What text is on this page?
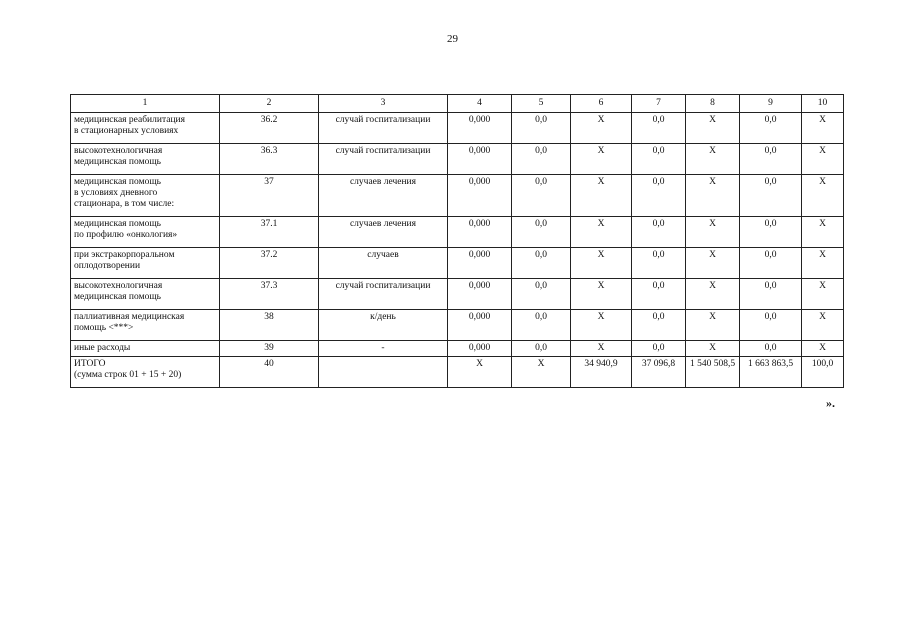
29
1	2	3	4	5	6	7	8	9	10
медицинская реабилитация
в стационарных условиях	36.2	случай госпитализации	0,000	0,0	X	0,0	X	0,0	X
высокотехнологичная
медицинская помощь	36.3	случай госпитализации	0,000	0,0	X	0,0	X	0,0	X
медицинская помощь
в условиях дневного
стационара, в том числе:	37	случаев лечения	0,000	0,0	X	0,0	X	0,0	X
медицинская помощь
по профилю «онкология»	37.1	случаев лечения	0,000	0,0	X	0,0	X	0,0	X
при экстракорпоральном
оплодотворении	37.2	случаев	0,000	0,0	X	0,0	X	0,0	X
высокотехнологичная
медицинская помощь	37.3	случай госпитализации	0,000	0,0	X	0,0	X	0,0	X
паллиативная медицинская
помощь <***>	38	к/день	0,000	0,0	X	0,0	X	0,0	X
иные расходы	39	-	0,000	0,0	X	0,0	X	0,0	X
ИТОГО
(сумма строк 01 + 15 + 20)	40		X	X	34 940,9	37 096,8	1 540 508,5	1 663 863,5	100,0
».
